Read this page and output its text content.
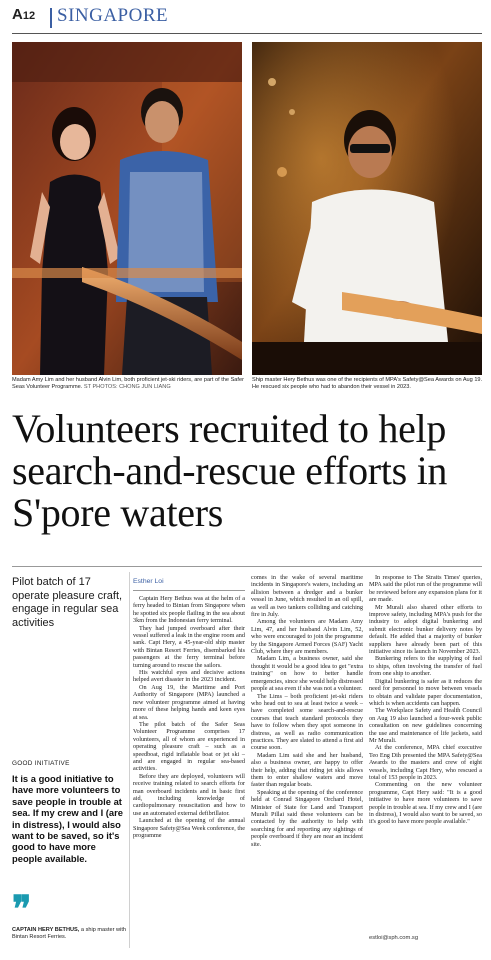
A12 SINGAPORE
Madam Amy Lim and her husband Alvin Lim, both proficient jet-ski riders, are part of the Safer Seas Volunteer Programme. ST PHOTOS: CHONG JUN LIANG
Ship master Hery Bethus was one of the recipients of MPA's Safety@Sea Awards on Aug 19. He rescued six people who had to abandon their vessel in 2023.
Volunteers recruited to help search-and-rescue efforts in S'pore waters
Pilot batch of 17 operate pleasure craft, engage in regular sea activities
GOOD INITIATIVE
It is a good initiative to have more volunteers to save people in trouble at sea. If my crew and I (are in distress), I would also want to be saved, so it's good to have more people available.
❞
CAPTAIN HERY BETHUS, a ship master with Bintan Resort Ferries.
Esther Loi

Captain Hery Bethus was at the helm of a ferry headed to Bintan from Singapore when he spotted six people flailing in the sea about 3km from the Indonesian ferry terminal.

They had jumped overboard after their vessel suffered a leak in the engine room and sank. Capt Hery, a 45-year-old ship master with Bintan Resort Ferries, disembarked his passengers at the ferry terminal before turning around to rescue the sailors.

His watchful eyes and decisive actions helped avert disaster in the 2023 incident.

On Aug 19, the Maritime and Port Authority of Singapore (MPA) launched a new volunteer programme aimed at having more of these helping hands and keen eyes at sea.

The pilot batch of the Safer Seas Volunteer Programme comprises 17 volunteers, all of whom are experienced in operating pleasure craft – such as a speedboat, rigid inflatable boat or jet ski – and are engaged in regular sea-based activities.

Before they are deployed, volunteers will receive training related to search efforts for man overboard incidents and in basic first aid, including knowledge of cardiopulmonary resuscitation and how to use an automated external defibrillator.

Launched at the opening of the annual Singapore Safety@Sea Week conference, the programme

comes in the wake of several maritime incidents in Singapore's waters, including an allision between a dredger and a bunker vessel in June, which resulted in an oil spill, as well as two tankers colliding and catching fire in July.

Among the volunteers are Madam Amy Lim, 47, and her husband Alvin Lim, 52, who were encouraged to join the programme by the Singapore Armed Forces (SAF) Yacht Club, where they are members.

Madam Lim, a business owner, said she thought it would be a good idea to get "extra training" on how to better handle emergencies, since she would help distressed people at sea even if she was not a volunteer.

The Lims – both proficient jet-ski riders who head out to sea at least twice a week – have completed some search-and-rescue courses that teach standard protocols they have to follow when they spot someone in distress, as well as radio communication practices. They are slated to attend a first aid course soon.

Madam Lim said she and her husband, also a business owner, are happy to offer their help, adding that riding jet skis allows them to enter shallow waters and move faster than regular boats.

Speaking at the opening of the conference held at Conrad Singapore Orchard Hotel, Minister of State for Land and Transport Murali Pillai said these volunteers can be contacted by the authority to help with searching for and reporting any sightings of people overboard if they are near an incident site.

In response to The Straits Times' queries, MPA said the pilot run of the programme will be reviewed before any expansion plans for it are made.

Mr Murali also shared other efforts to improve safety, including MPA's push for the industry to adopt digital bunkering and submit electronic bunker delivery notes by default. He added that a majority of bunker suppliers have already been part of this initiative since its launch in November 2023.

Bunkering refers to the supplying of fuel to ships, often involving the transfer of fuel from one ship to another.

Digital bunkering is safer as it reduces the need for personnel to move between vessels to obtain and validate paper documentation, which is when accidents can happen.

The Workplace Safety and Health Council on Aug 19 also launched a four-week public consultation on new guidelines concerning the use and maintenance of life jackets, said Mr Murali.

At the conference, MPA chief executive Teo Eng Dih presented the MPA Safety@Sea Awards to the masters and crew of eight vessels, including Capt Hery, who rescued a total of 153 people in 2023.

Commenting on the new volunteer programme, Capt Hery said: "It is a good initiative to have more volunteers to save people in trouble at sea. If my crew and I (are in distress), I would also want to be saved, so it's good to have more people available."

estloi@sph.com.sg
